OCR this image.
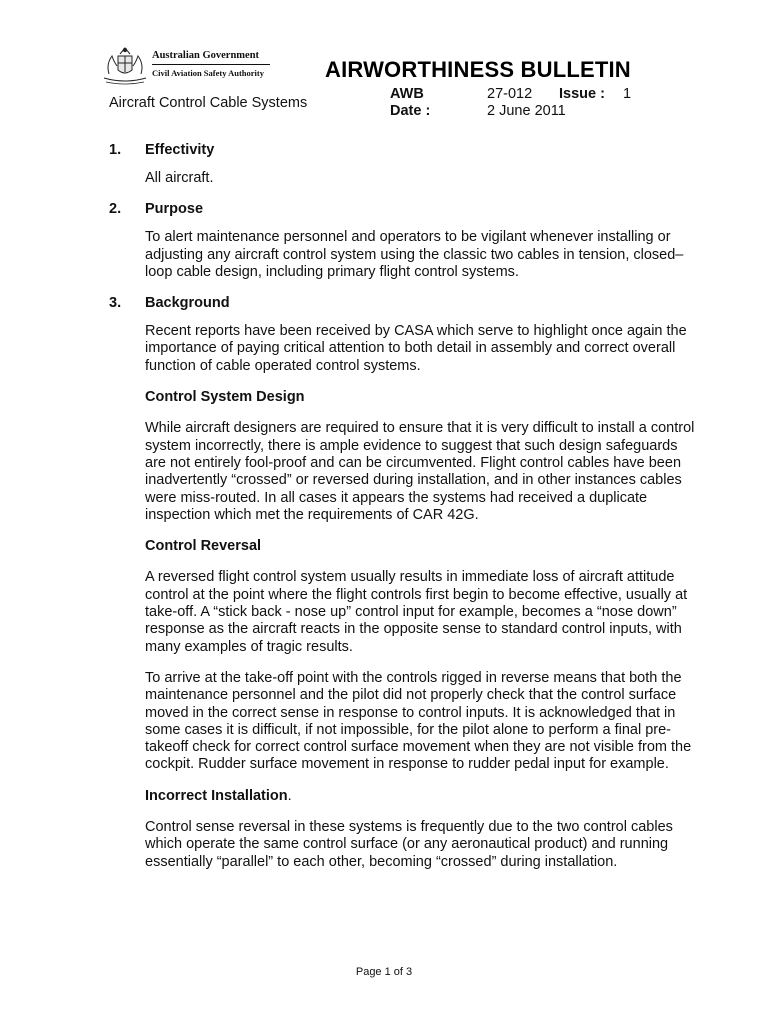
Australian Government
Civil Aviation Safety Authority	AIRWORTHINESS BULLETIN
Aircraft Control Cable Systems
AWB	27-012 Issue : 1
Date :	2 June 2011
1. Effectivity

All aircraft.

2. Purpose

To alert maintenance personnel and operators to be vigilant whenever installing or adjusting any aircraft control system using the classic two cables in tension, closed–loop cable design, including primary flight control systems.

3. Background

Recent reports have been received by CASA which serve to highlight once again the importance of paying critical attention to both detail in assembly and correct overall function of cable operated control systems.

Control System Design

While aircraft designers are required to ensure that it is very difficult to install a control system incorrectly, there is ample evidence to suggest that such design safeguards are not entirely fool-proof and can be circumvented. Flight control cables have been inadvertently “crossed” or reversed during installation, and in other instances cables were miss-routed. In all cases it appears the systems had received a duplicate inspection which met the requirements of CAR 42G.

Control Reversal

A reversed flight control system usually results in immediate loss of aircraft attitude control at the point where the flight controls first begin to become effective, usually at take-off. A “stick back - nose up” control input for example, becomes a “nose down” response as the aircraft reacts in the opposite sense to standard control inputs, with many examples of tragic results.

To arrive at the take-off point with the controls rigged in reverse means that both the maintenance personnel and the pilot did not properly check that the control surface moved in the correct sense in response to control inputs. It is acknowledged that in some cases it is difficult, if not impossible, for the pilot alone to perform a final pre-takeoff check for correct control surface movement when they are not visible from the cockpit. Rudder surface movement in response to rudder pedal input for example.

Incorrect Installation.

Control sense reversal in these systems is frequently due to the two control cables which operate the same control surface (or any aeronautical product) and running essentially “parallel” to each other, becoming “crossed” during installation.

Page 1 of 3
